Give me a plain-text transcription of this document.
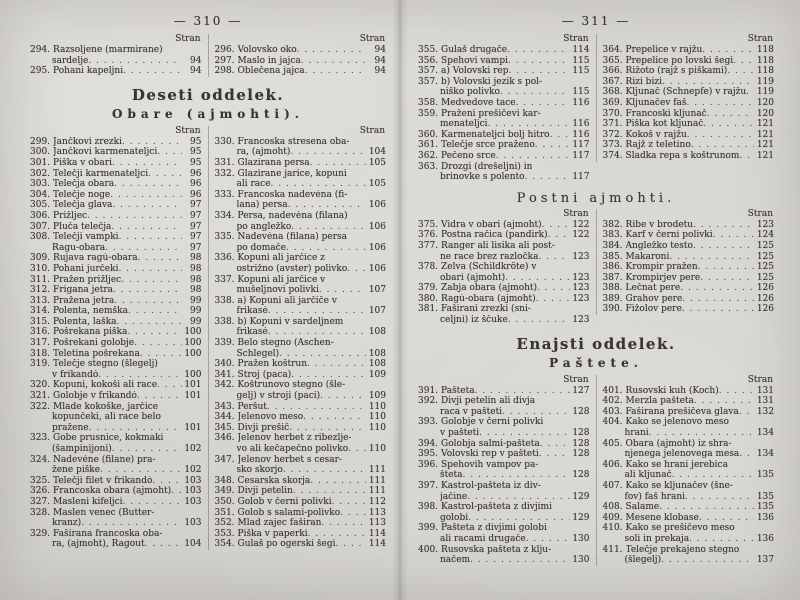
— 310 —
Stran
294. Razsoljene (marmirane)
sardelje . .	94
295. Pohani kapeljni . .	94
Stran
296. Volovsko oko . .	94
297. Maslo in jajca . .	94
298. Oblečena jajca . .	94
Deseti oddelek.
Obare (ajmohti).
Stran
299. Jančkovi zrezki . .	95
300. Jančkovi karmenateljci . .	95
301. Piška v obari . .	95
302. Telečji karmenateljci . .	96
303. Telečja obara . .	96
304. Telečje noge . .	96
305. Telečja glava . .	97
306. Prižljec . .	97
307. Pluča telečja . .	97
308. Telečji vampki . .	97
Ragu-obara . .	97
309. Rujava ragú-obara . .	98
310. Pohani jurčeki . .	98
311. Pražen prižljec . .	98
312. Frigana jetra . .	98
313. Pražena jetra . .	99
314. Polenta, nemška . .	99
315. Polenta, laška . .	99
316. Pošrekana piška . .	100
317. Pošrekani golobje . .	100
318. Teletina pošrekana . .	100
319. Telečje stegno (šlegelj)
v frikandó . .	100
320. Kopuni, kokoši ali race . .	101
321. Golobje v frikandó . .	101
322. Mlade kokoške, jarčice
kopunčeki, ali race belo
pražene . .	101
323. Gobe prusnice, kokmaki
(šampinijoni) . .	102
324. Nadevéne (filane) pra-
žene piške . .	102
325. Telečji filet v frikandó . .	103
326. Francoska obara (ajmoht) . .	103
327. Masleni kifeljci . .	103
328. Maslen venec (Butter-
kranz) . .	103
329. Faširana francoska oba-
ra, (ajmoht), Ragout . .	104
Stran
330. Francoska stresena oba-
ra, (ajmoht) . .	104
331. Glazirana persa . .	105
332. Glazirane jarice, kopuni
ali race . .	105
333. Francoska nadevéna (fi-
lana) persa . .	106
334. Persa, nadevéna (filana)
po angležko . .	106
335. Nadevéna (filana) persa
po domače . .	106
336. Kopuni ali jarčice z
ostrižno (avster) polivko . .	106
337. Kopuni ali jarčice v
mušeljnovi polivki . .	107
338. a) Kopuni ali jarčiče v
frikasé . .	107
338. b) Kopuni v sardeljnem
frikasé . .	108
339. Belo stegno (Aschen-
Schlegel) . .	108
340. Pražen koštrun . .	108
341. Stroj (paca) . .	109
342. Koštrunovo stegno (šle-
gelj) v stroji (paci) . .	109
343. Peršut . .	110
344. Jelenovo meso . .	110
345. Divji prešič . .	110
346. Jelenov herbet z ribezlje-
vo ali kečapečno polivko . .	110
347. Jelenov herbet s cesar-
sko skorjo . .	111
348. Cesarska skorja . .	111
349. Divji petelin . .	111
350. Golob v černi polivki . .	112
351. Golob s salami-polivko . .	113
352. Mlad zajec faširan . .	113
353. Piška v paperki . .	114
354. Gulaš po ogerski šegi . .	114
— 311 —
Stran
355. Gulaš drugače . .	114
356. Špehovi vampi . .	115
357. a) Volovski rep . .	115
357. b) Volovski jezik s pol-
niško polivko . .	115
358. Medvedove tace . .	116
359. Praženi prešičevi kar-
menateljci . .	116
360. Karmenateljci bolj hitro . .	116
361. Telečje srce praženo . .	117
362. Pečeno srce . .	117
363. Drozgi (drešeljni) in
brinovke s polento . .	117
Stran
364. Prepelice v rajžu . .	118
365. Prepelice po lovski šegi . .	118
366. Rižoto (rajž s piškami) . .	118
367. Rizi bizi . .	119
368. Kljunač (Schnepfe) v rajžu . .	119
369. Kljunačev faš . .	120
370. Francoski kljunač . .	120
371. Piška kot kljunač . .	121
372. Kokoš v rajžu . .	121
373. Rajž z teletino . .	121
374. Sladka repa s koštrunom . .	121
Postni ajmohti.
Stran
375. Vidra v obari (ajmoht) . .	122
376. Postna račica (pandirk) . .	122
377. Ranger ali lisika ali post-
ne race brez razločka . .	123
378. Želva (Schildkröte) v
obari (ajmoht) . .	123
379. Žabja obara (ajmoht) . .	123
380. Ragú-obara (ajmoht) . .	123
381. Faširani zrezki (sni-
celjni) iz ščuke . .	123
Stran
382. Ribe v brodetu . .	123
383. Karf v černi polivki . .	124
384. Angležko testo . .	125
385. Makaroni . .	125
386. Krompir pražen . .	125
387. Krompirjev pere . .	125
388. Lečnat pere . .	126
389. Grahov pere . .	126
390. Fižolov pere . .	126
Enajsti oddelek.
Paštete.
Stran
391. Pašteta . .	127
392. Divji petelin ali divja
raca v pašteti . .	128
393. Golobje v černi polivki
v pašteti . .	128
394. Golobja salmi-pašteta . .	128
395. Volovski rep v pašteti . .	128
396. Špehovih vampov pa-
šteta . .	128
397. Kastrol-pašteta iz div-
jačine . .	129
398. Kastrol-pašteta z divjimi
golobi . .	129
399. Pašteta z divjimi golobi
ali racami drugače . .	130
400. Rusovska pašteta z klju-
načem . .	130
Stran
401. Rusovski kuh (Koch) . .	131
402. Merzla pašteta . .	131
403. Faširana prešičeva glava . .	132
404. Kako se jelenovo meso
hrani . .	134
405. Obara (ajmoht) iz shra-
njenega jelenovega mesa . .	134
406. Kako se hrani jerebica
ali kljunač . .	135
407. Kako se kljunačev (šne-
fov) faš hrani . .	135
408. Salame . .	135
409. Mesene klobase . .	136
410. Kako se prešičevo meso
soli in prekaja . .	136
411. Telečje prekajeno stegno
(šlegelj) . .	137
